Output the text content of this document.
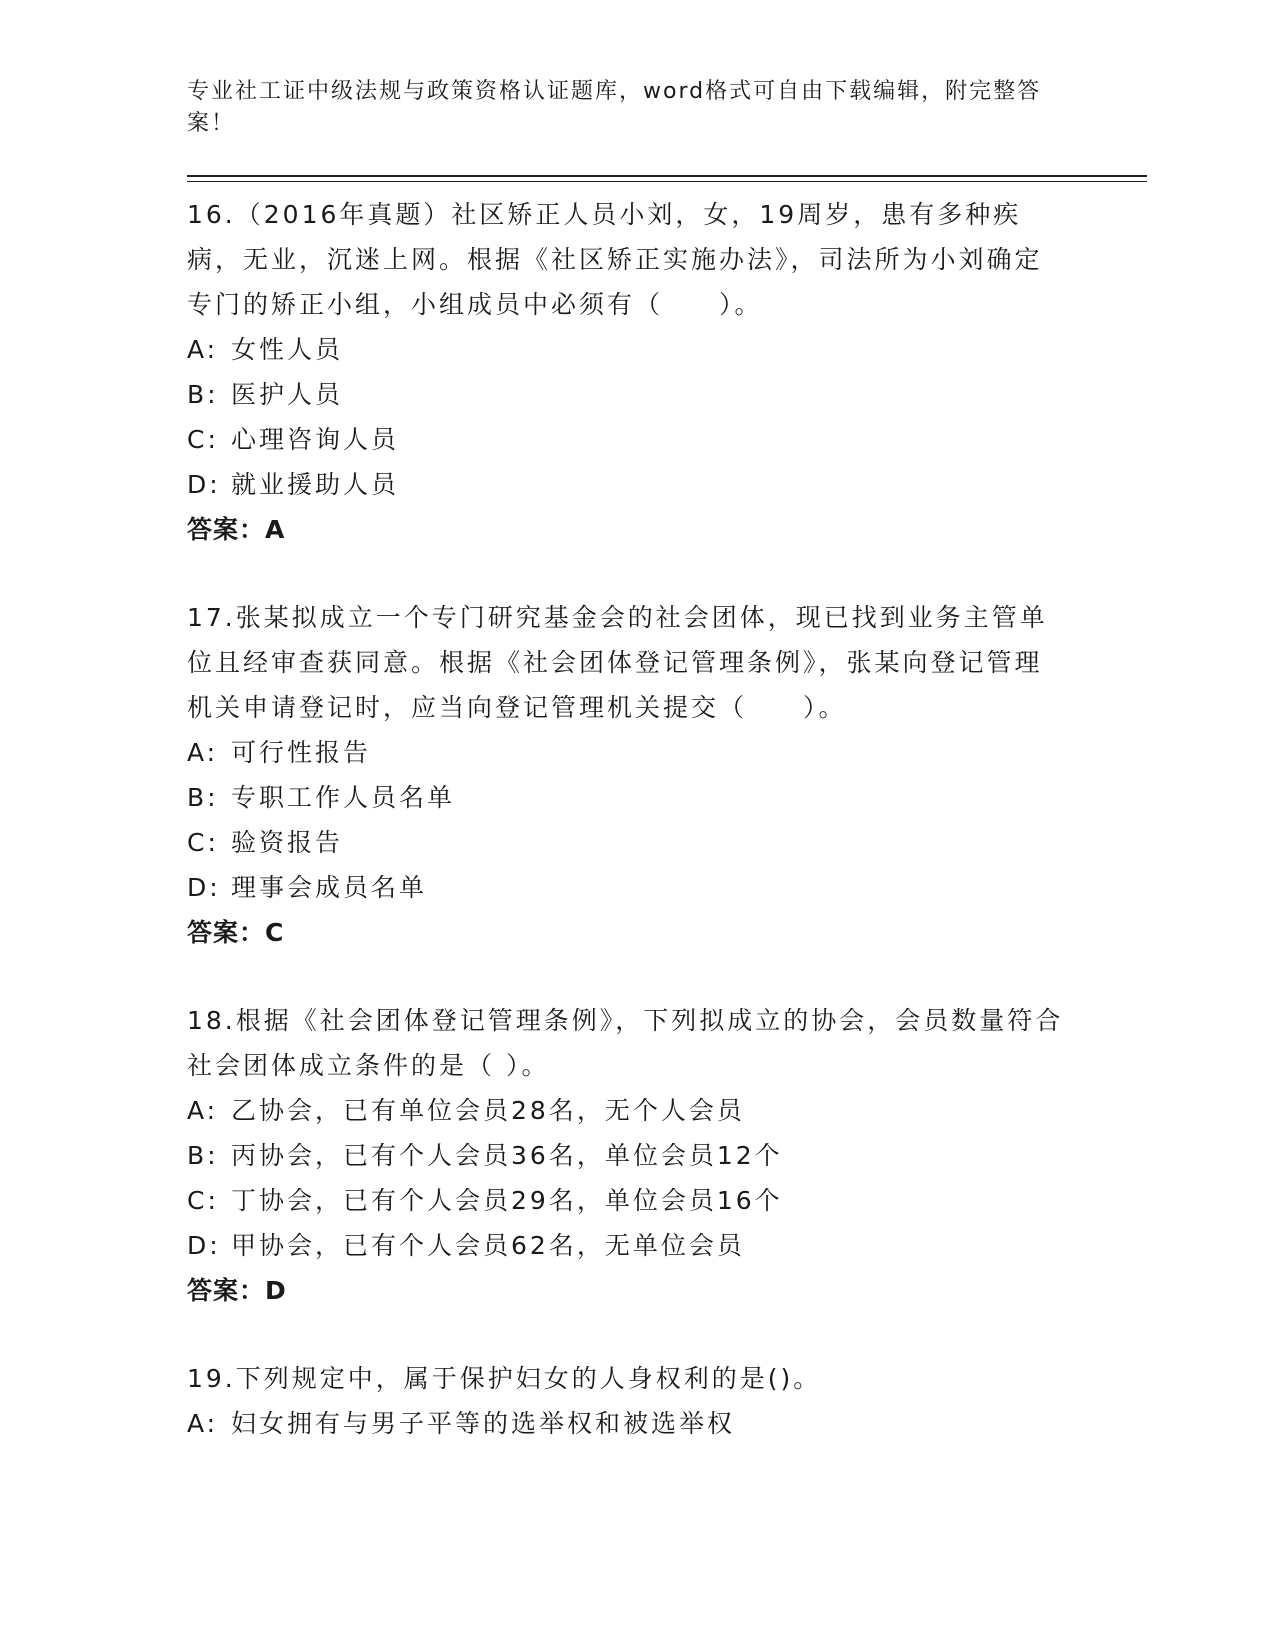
专业社工证中级法规与政策资格认证题库，word格式可自由下载编辑，附完整答案！

16.（2016年真题）社区矫正人员小刘，女，19周岁，患有多种疾病，无业，沉迷上网。根据《社区矫正实施办法》，司法所为小刘确定专门的矫正小组，小组成员中必须有（　　）。

A: 女性人员
B: 医护人员
C: 心理咨询人员
D: 就业援助人员
答案：A

17.张某拟成立一个专门研究基金会的社会团体，现已找到业务主管单位且经审查获同意。根据《社会团体登记管理条例》，张某向登记管理机关申请登记时，应当向登记管理机关提交（　　）。

A: 可行性报告
B: 专职工作人员名单
C: 验资报告
D: 理事会成员名单
答案：C

18.根据《社会团体登记管理条例》，下列拟成立的协会，会员数量符合社会团体成立条件的是（ ）。

A: 乙协会，已有单位会员28名，无个人会员
B: 丙协会，已有个人会员36名，单位会员12个
C: 丁协会，已有个人会员29名，单位会员16个
D: 甲协会，已有个人会员62名，无单位会员
答案：D

19.下列规定中，属于保护妇女的人身权利的是()。

A: 妇女拥有与男子平等的选举权和被选举权
